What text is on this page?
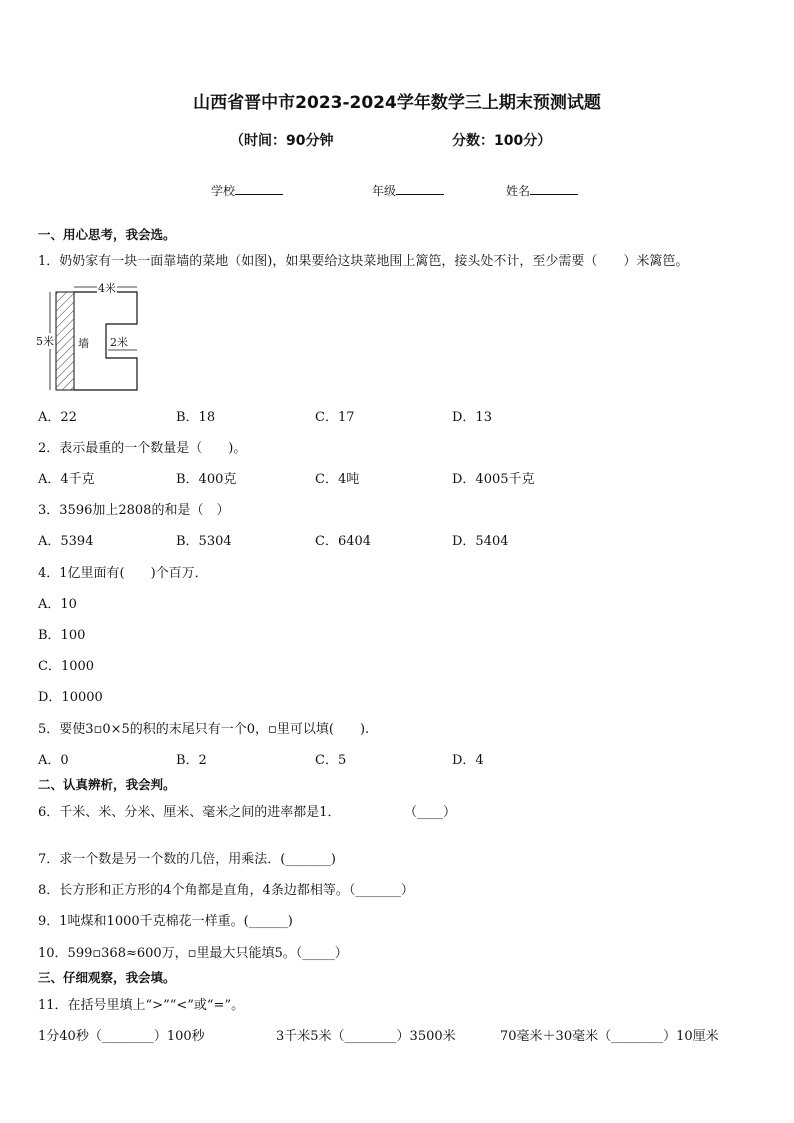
山西省晋中市2023-2024学年数学三上期末预测试题
（时间：90分钟	分数：100分）
学校	年级	姓名
一、用心思考，我会选。
1．奶奶家有一块一面靠墙的菜地（如图)，如果要给这块菜地围上篱笆，接头处不计，至少需要（　　）米篱笆。
4米
5米 墙 2米
A．22	B．18	C．17	D．13
2．表示最重的一个数量是（　　)。
A．4千克	B．400克	C．4吨	D．4005千克
3．3596加上2808的和是（　）
A．5394	B．5304	C．6404	D．5404
4．1亿里面有(　　)个百万．
A．10
B．100
C．1000
D．10000
5．要使3▫0×5的积的末尾只有一个0，▫里可以填(　　).
A．0	B．2	C．5	D．4
二、认真辨析，我会判。
6．千米、米、分米、厘米、毫米之间的进率都是1．	（____）
7．求一个数是另一个数的几倍，用乘法．(_______)
8．长方形和正方形的4个角都是直角，4条边都相等。（_______）
9．1吨煤和1000千克棉花一样重。(______)
10．599▫368≈600万，▫里最大只能填5。（_____）
三、仔细观察，我会填。
11．在括号里填上“>”“<”或“=”。
1分40秒（________）100秒	3千米5米（________）3500米	70毫米＋30毫米（________）10厘米
